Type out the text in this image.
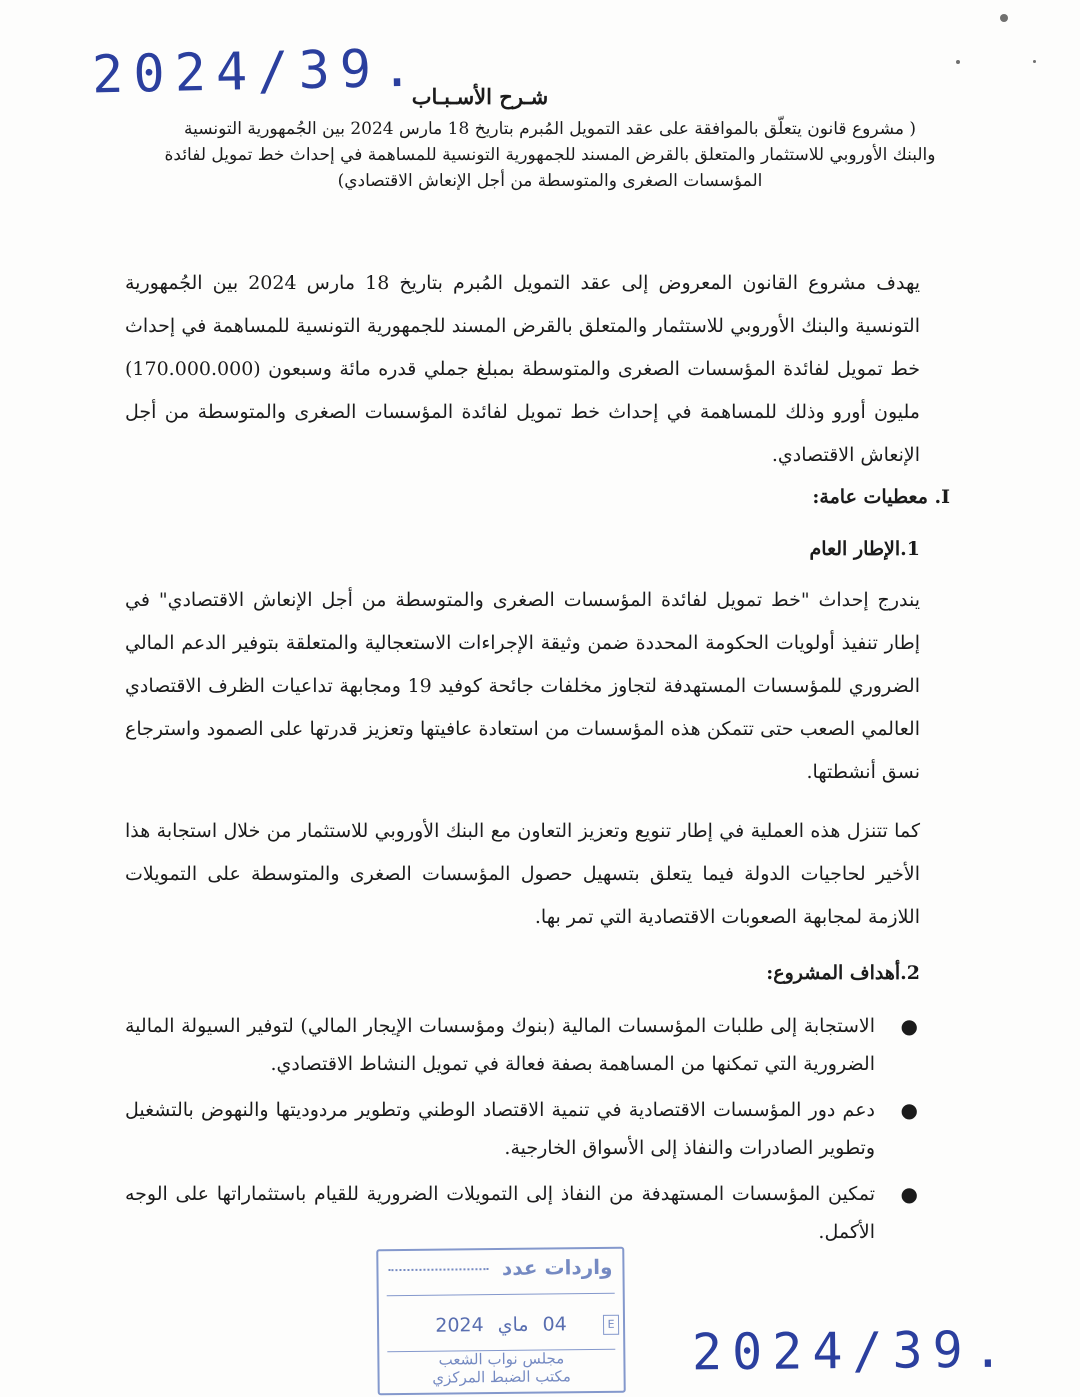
2024/39.
شـرح الأسـبـاب

( مشروع قانون يتعلّق بالموافقة على عقد التمويل المُبرم بتاريخ 18 مارس 2024 بين الجُمهورية التونسية والبنك الأوروبي للاستثمار والمتعلق بالقرض المسند للجمهورية التونسية للمساهمة في إحداث خط تمويل لفائدة المؤسسات الصغرى والمتوسطة من أجل الإنعاش الاقتصادي)

يهدف مشروع القانون المعروض إلى عقد التمويل المُبرم بتاريخ 18 مارس 2024 بين الجُمهورية التونسية والبنك الأوروبي للاستثمار والمتعلق بالقرض المسند للجمهورية التونسية للمساهمة في إحداث خط تمويل لفائدة المؤسسات الصغرى والمتوسطة بمبلغ جملي قدره مائة وسبعون (170.000.000) مليون أورو وذلك للمساهمة في إحداث خط تمويل لفائدة المؤسسات الصغرى والمتوسطة من أجل الإنعاش الاقتصادي.

I. معطيات عامة:
1.الإطار العام

يندرج إحداث "خط تمويل لفائدة المؤسسات الصغرى والمتوسطة من أجل الإنعاش الاقتصادي" في إطار تنفيذ أولويات الحكومة المحددة ضمن وثيقة الإجراءات الاستعجالية والمتعلقة بتوفير الدعم المالي الضروري للمؤسسات المستهدفة لتجاوز مخلفات جائحة كوفيد 19 ومجابهة تداعيات الظرف الاقتصادي العالمي الصعب حتى تتمكن هذه المؤسسات من استعادة عافيتها وتعزيز قدرتها على الصمود واسترجاع نسق أنشطتها.

كما تتنزل هذه العملية في إطار تنويع وتعزيز التعاون مع البنك الأوروبي للاستثمار من خلال استجابة هذا الأخير لحاجيات الدولة فيما يتعلق بتسهيل حصول المؤسسات الصغرى والمتوسطة على التمويلات اللازمة لمجابهة الصعوبات الاقتصادية التي تمر بها.

2.أهداف المشروع:
●
الاستجابة إلى طلبات المؤسسات المالية (بنوك ومؤسسات الإيجار المالي) لتوفير السيولة المالية الضرورية التي تمكنها من المساهمة بصفة فعالة في تمويل النشاط الاقتصادي.
●
دعم دور المؤسسات الاقتصادية في تنمية الاقتصاد الوطني وتطوير مردوديتها والنهوض بالتشغيل وتطوير الصادرات والنفاذ إلى الأسواق الخارجية.
●
تمكين المؤسسات المستهدفة من النفاذ إلى التمويلات الضرورية للقيام باستثماراتها على الوجه الأكمل.
واردات عدد
04 ماي 2024	E
مجلس نواب الشعب
مكتب الضبط المركزي	2024/39.
